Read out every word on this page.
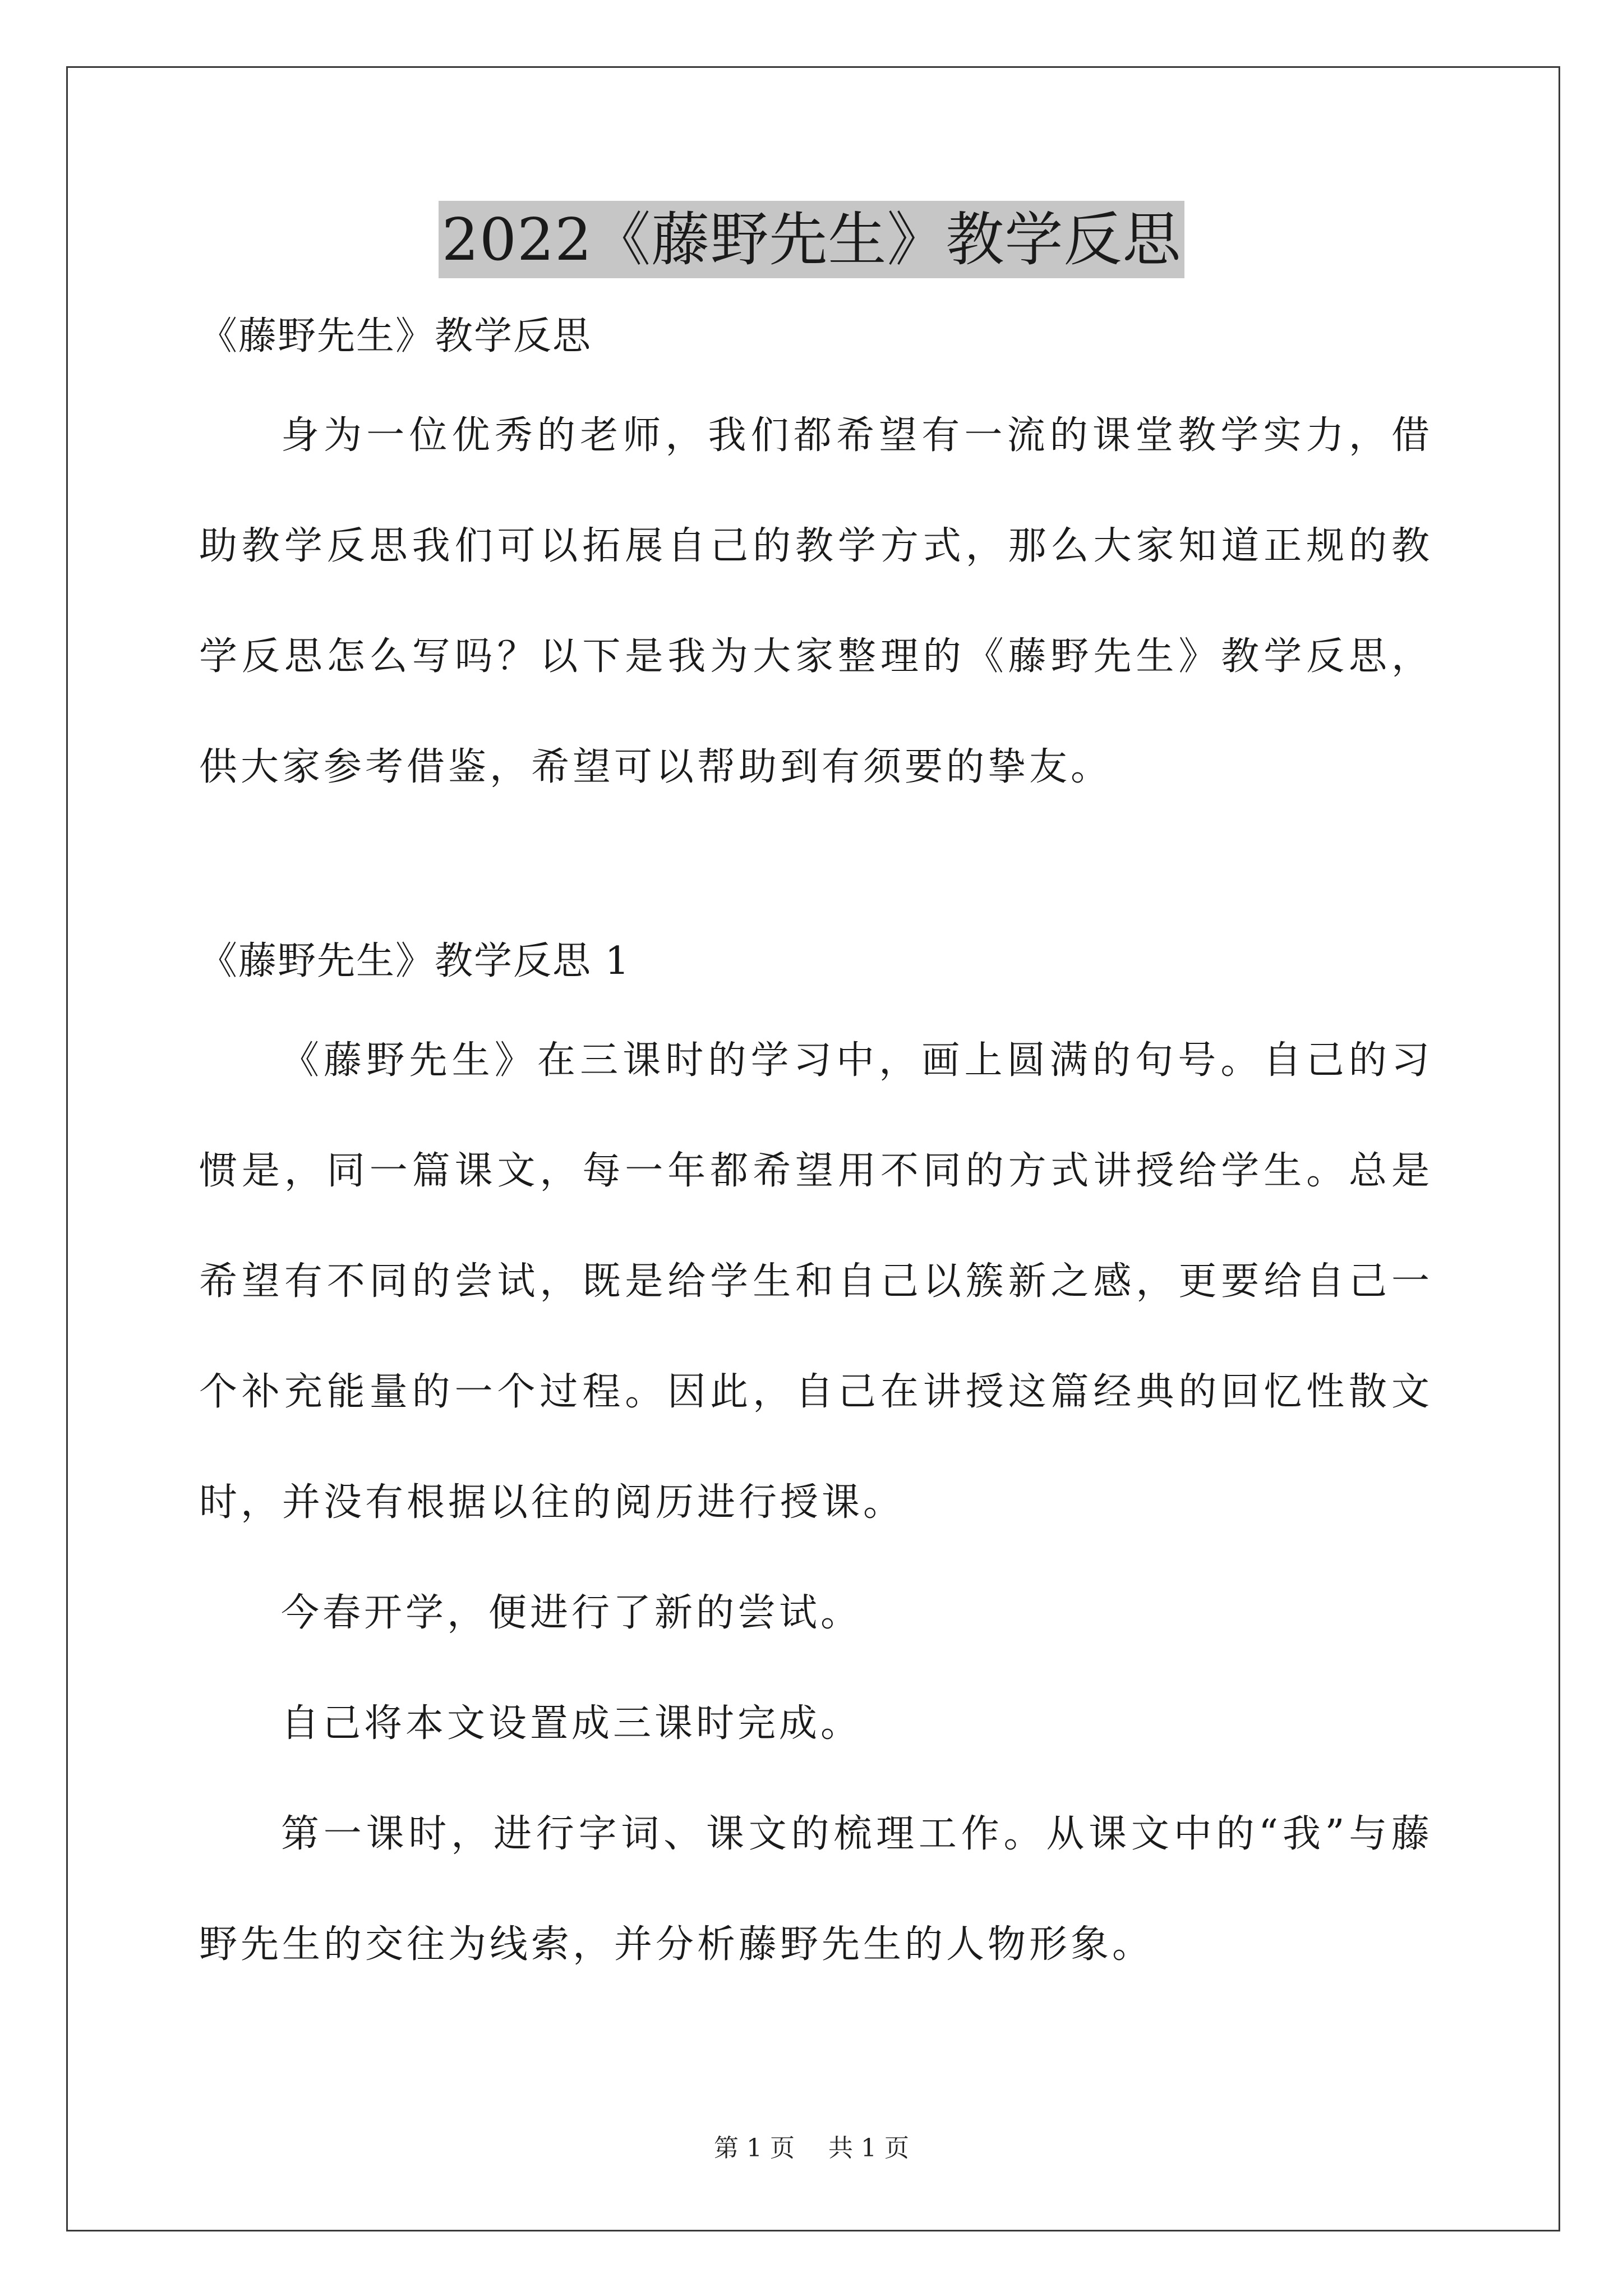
2022《藤野先生》教学反思

《藤野先生》教学反思

身为一位优秀的老师，我们都希望有一流的课堂教学实力，借助教学反思我们可以拓展自己的教学方式，那么大家知道正规的教学反思怎么写吗？以下是我为大家整理的《藤野先生》教学反思，供大家参考借鉴，希望可以帮助到有须要的挚友。

《藤野先生》教学反思 1

《藤野先生》在三课时的学习中，画上圆满的句号。自己的习惯是，同一篇课文，每一年都希望用不同的方式讲授给学生。总是希望有不同的尝试，既是给学生和自己以簇新之感，更要给自己一个补充能量的一个过程。因此，自己在讲授这篇经典的回忆性散文时，并没有根据以往的阅历进行授课。

今春开学，便进行了新的尝试。

自己将本文设置成三课时完成。

第一课时，进行字词、课文的梳理工作。从课文中的“我”与藤野先生的交往为线索，并分析藤野先生的人物形象。

第 1 页 共 1 页
